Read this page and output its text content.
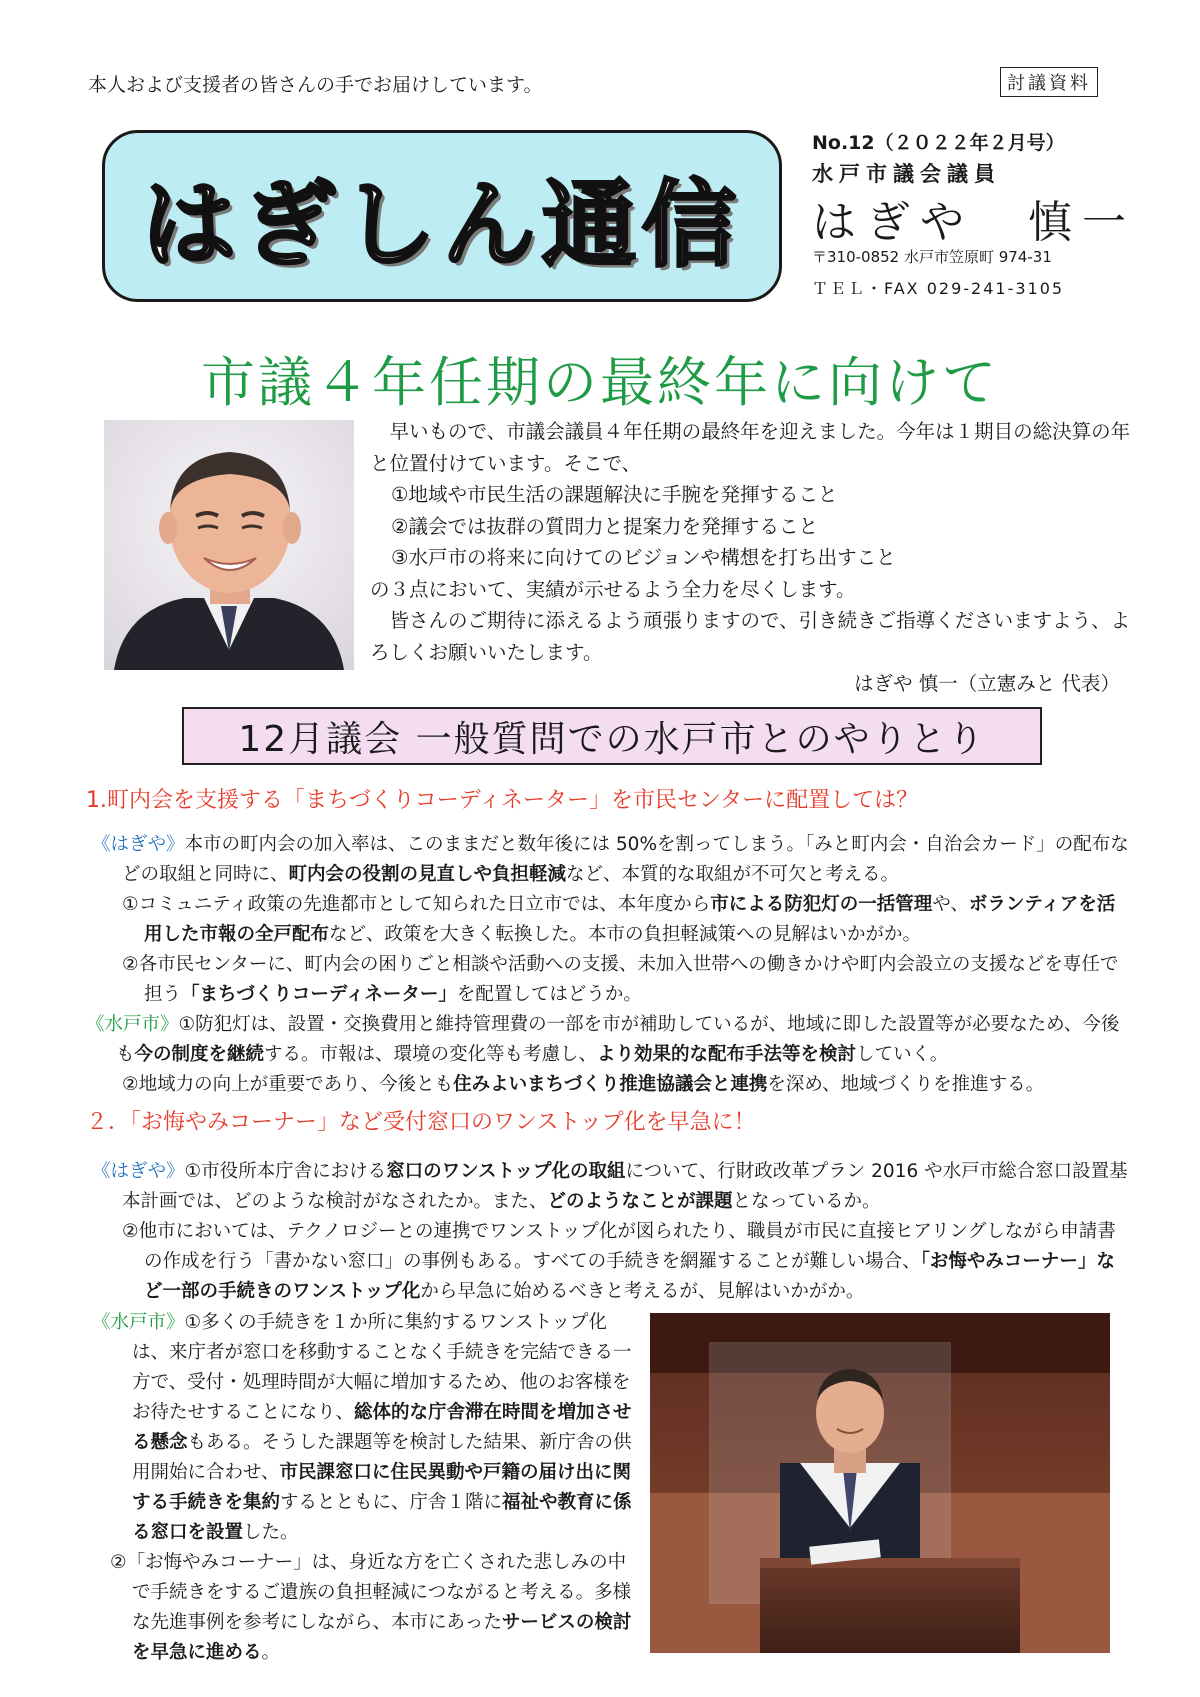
本人および支援者の皆さんの手でお届けしています。	討議資料
はぎしん通信
No.12（２０２２年２月号）
水戸市議会議員
はぎや　慎一
〒310-0852 水戸市笠原町 974-31
ＴＥＬ・FAX 029-241-3105
市議４年任期の最終年に向けて

　早いもので、市議会議員４年任期の最終年を迎えました。今年は１期目の総決算の年と位置付けています。そこで、

①地域や市民生活の課題解決に手腕を発揮すること

②議会では抜群の質問力と提案力を発揮すること

③水戸市の将来に向けてのビジョンや構想を打ち出すこと

の３点において、実績が示せるよう全力を尽くします。

　皆さんのご期待に添えるよう頑張りますので、引き続きご指導くださいますよう、よろしくお願いいたします。

はぎや 慎一（立憲みと 代表）

12月議会 一般質問での水戸市とのやりとり
1.町内会を支援する「まちづくりコーディネーター」を市民センターに配置しては？
《はぎや》本市の町内会の加入率は、このままだと数年後には 50%を割ってしまう。「みと町内会・自治会カード」の配布などの取組と同時に、町内会の役割の見直しや負担軽減など、本質的な取組が不可欠と考える。
①コミュニティ政策の先進都市として知られた日立市では、本年度から市による防犯灯の一括管理や、ボランティアを活用した市報の全戸配布など、政策を大きく転換した。本市の負担軽減策への見解はいかがか。
②各市民センターに、町内会の困りごと相談や活動への支援、未加入世帯への働きかけや町内会設立の支援などを専任で担う「まちづくりコーディネーター」を配置してはどうか。
《水戸市》①防犯灯は、設置・交換費用と維持管理費の一部を市が補助しているが、地域に即した設置等が必要なため、今後も今の制度を継続する。市報は、環境の変化等も考慮し、より効果的な配布手法等を検討していく。
②地域力の向上が重要であり、今後とも住みよいまちづくり推進協議会と連携を深め、地域づくりを推進する。
２．「お悔やみコーナー」など受付窓口のワンストップ化を早急に！
《はぎや》①市役所本庁舎における窓口のワンストップ化の取組について、行財政改革プラン 2016 や水戸市総合窓口設置基本計画では、どのような検討がなされたか。また、どのようなことが課題となっているか。
②他市においては、テクノロジーとの連携でワンストップ化が図られたり、職員が市民に直接ヒアリングしながら申請書の作成を行う「書かない窓口」の事例もある。すべての手続きを網羅することが難しい場合、「お悔やみコーナー」など一部の手続きのワンストップ化から早急に始めるべきと考えるが、見解はいかがか。
《水戸市》①多くの手続きを１か所に集約するワンストップ化は、来庁者が窓口を移動することなく手続きを完結できる一方で、受付・処理時間が大幅に増加するため、他のお客様をお待たせすることになり、総体的な庁舎滞在時間を増加させる懸念もある。そうした課題等を検討した結果、新庁舎の供用開始に合わせ、市民課窓口に住民異動や戸籍の届け出に関する手続きを集約するとともに、庁舎１階に福祉や教育に係る窓口を設置した。
②「お悔やみコーナー」は、身近な方を亡くされた悲しみの中で手続きをするご遺族の負担軽減につながると考える。多様な先進事例を参考にしながら、本市にあったサービスの検討を早急に進める。
